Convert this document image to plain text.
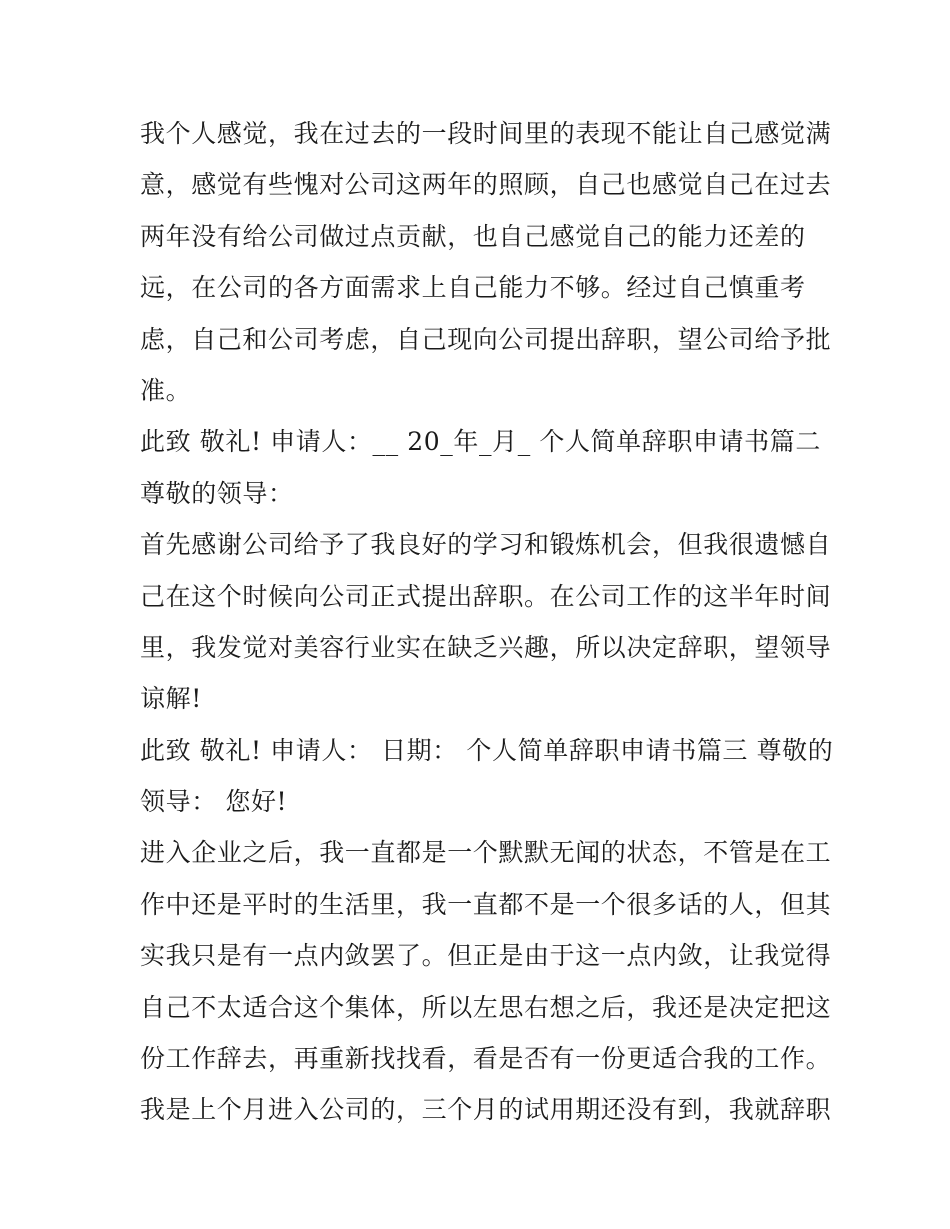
我个人感觉，我在过去的一段时间里的表现不能让自己感觉满
意，感觉有些愧对公司这两年的照顾，自己也感觉自己在过去
两年没有给公司做过点贡献，也自己感觉自己的能力还差的
远，在公司的各方面需求上自己能力不够。经过自己慎重考
虑，自己和公司考虑，自己现向公司提出辞职，望公司给予批
准。
此致 敬礼! 申请人：__ 20_年_月_ 个人简单辞职申请书篇二
尊敬的领导：
首先感谢公司给予了我良好的学习和锻炼机会，但我很遗憾自
己在这个时候向公司正式提出辞职。在公司工作的这半年时间
里，我发觉对美容行业实在缺乏兴趣，所以决定辞职，望领导
谅解!
此致 敬礼! 申请人： 日期： 个人简单辞职申请书篇三 尊敬的
领导： 您好!
进入企业之后，我一直都是一个默默无闻的状态，不管是在工
作中还是平时的生活里，我一直都不是一个很多话的人，但其
实我只是有一点内敛罢了。但正是由于这一点内敛，让我觉得
自己不太适合这个集体，所以左思右想之后，我还是决定把这
份工作辞去，再重新找找看，看是否有一份更适合我的工作。
我是上个月进入公司的，三个月的试用期还没有到，我就辞职
